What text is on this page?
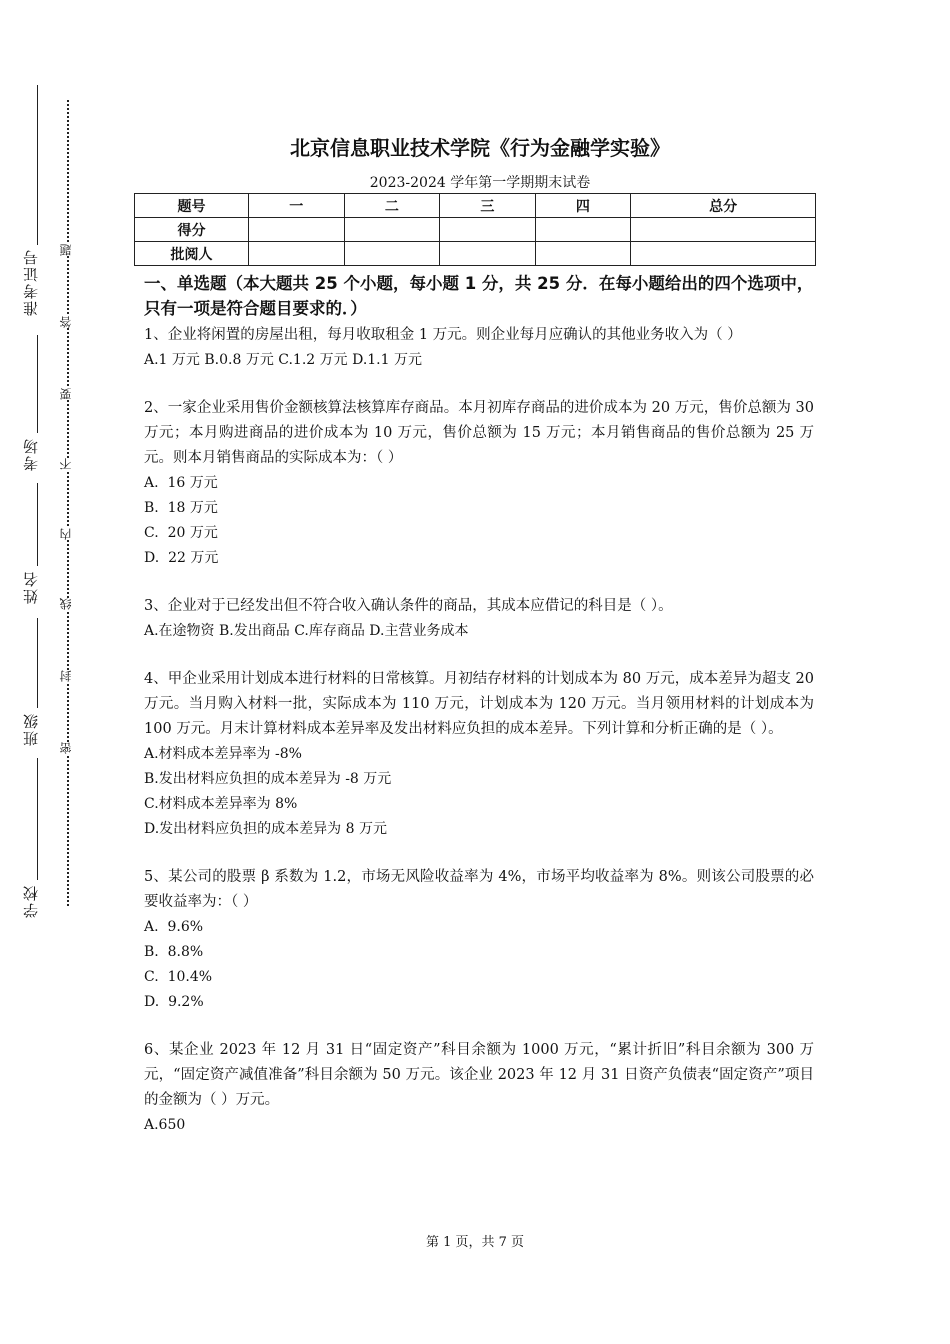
准考证号
考场
姓名
班级
学校
题
答
要
不
内
线
封
密
北京信息职业技术学院《行为金融学实验》
2023-2024 学年第一学期期末试卷
题号	一	二	三	四	总分
得分					
批阅人					
一、单选题（本大题共 25 个小题，每小题 1 分，共 25 分．在每小题给出的四个选项中，只有一项是符合题目要求的．）
1、企业将闲置的房屋出租，每月收取租金 1 万元。则企业每月应确认的其他业务收入为（ ）
A.1 万元 B.0.8 万元 C.1.2 万元 D.1.1 万元
2、一家企业采用售价金额核算法核算库存商品。本月初库存商品的进价成本为 20 万元，售价总额为 30 万元；本月购进商品的进价成本为 10 万元，售价总额为 15 万元；本月销售商品的售价总额为 25 万元。则本月销售商品的实际成本为：（ ）
A.  16 万元
B.  18 万元
C.  20 万元
D.  22 万元
3、企业对于已经发出但不符合收入确认条件的商品，其成本应借记的科目是（ ）。
A.在途物资 B.发出商品 C.库存商品 D.主营业务成本
4、甲企业采用计划成本进行材料的日常核算。月初结存材料的计划成本为 80 万元，成本差异为超支 20 万元。当月购入材料一批，实际成本为 110 万元，计划成本为 120 万元。当月领用材料的计划成本为 100 万元。月末计算材料成本差异率及发出材料应负担的成本差异。下列计算和分析正确的是（ ）。
A.材料成本差异率为 -8%
B.发出材料应负担的成本差异为 -8 万元
C.材料成本差异率为 8%
D.发出材料应负担的成本差异为 8 万元
5、某公司的股票 β 系数为 1.2，市场无风险收益率为 4%，市场平均收益率为 8%。则该公司股票的必要收益率为：（ ）
A.  9.6%
B.  8.8%
C.  10.4%
D.  9.2%
6、某企业 2023 年 12 月 31 日“固定资产”科目余额为 1000 万元，“累计折旧”科目余额为 300 万元，“固定资产减值准备”科目余额为 50 万元。该企业 2023 年 12 月 31 日资产负债表“固定资产”项目的金额为（ ）万元。
A.650
第 1 页，共 7 页
